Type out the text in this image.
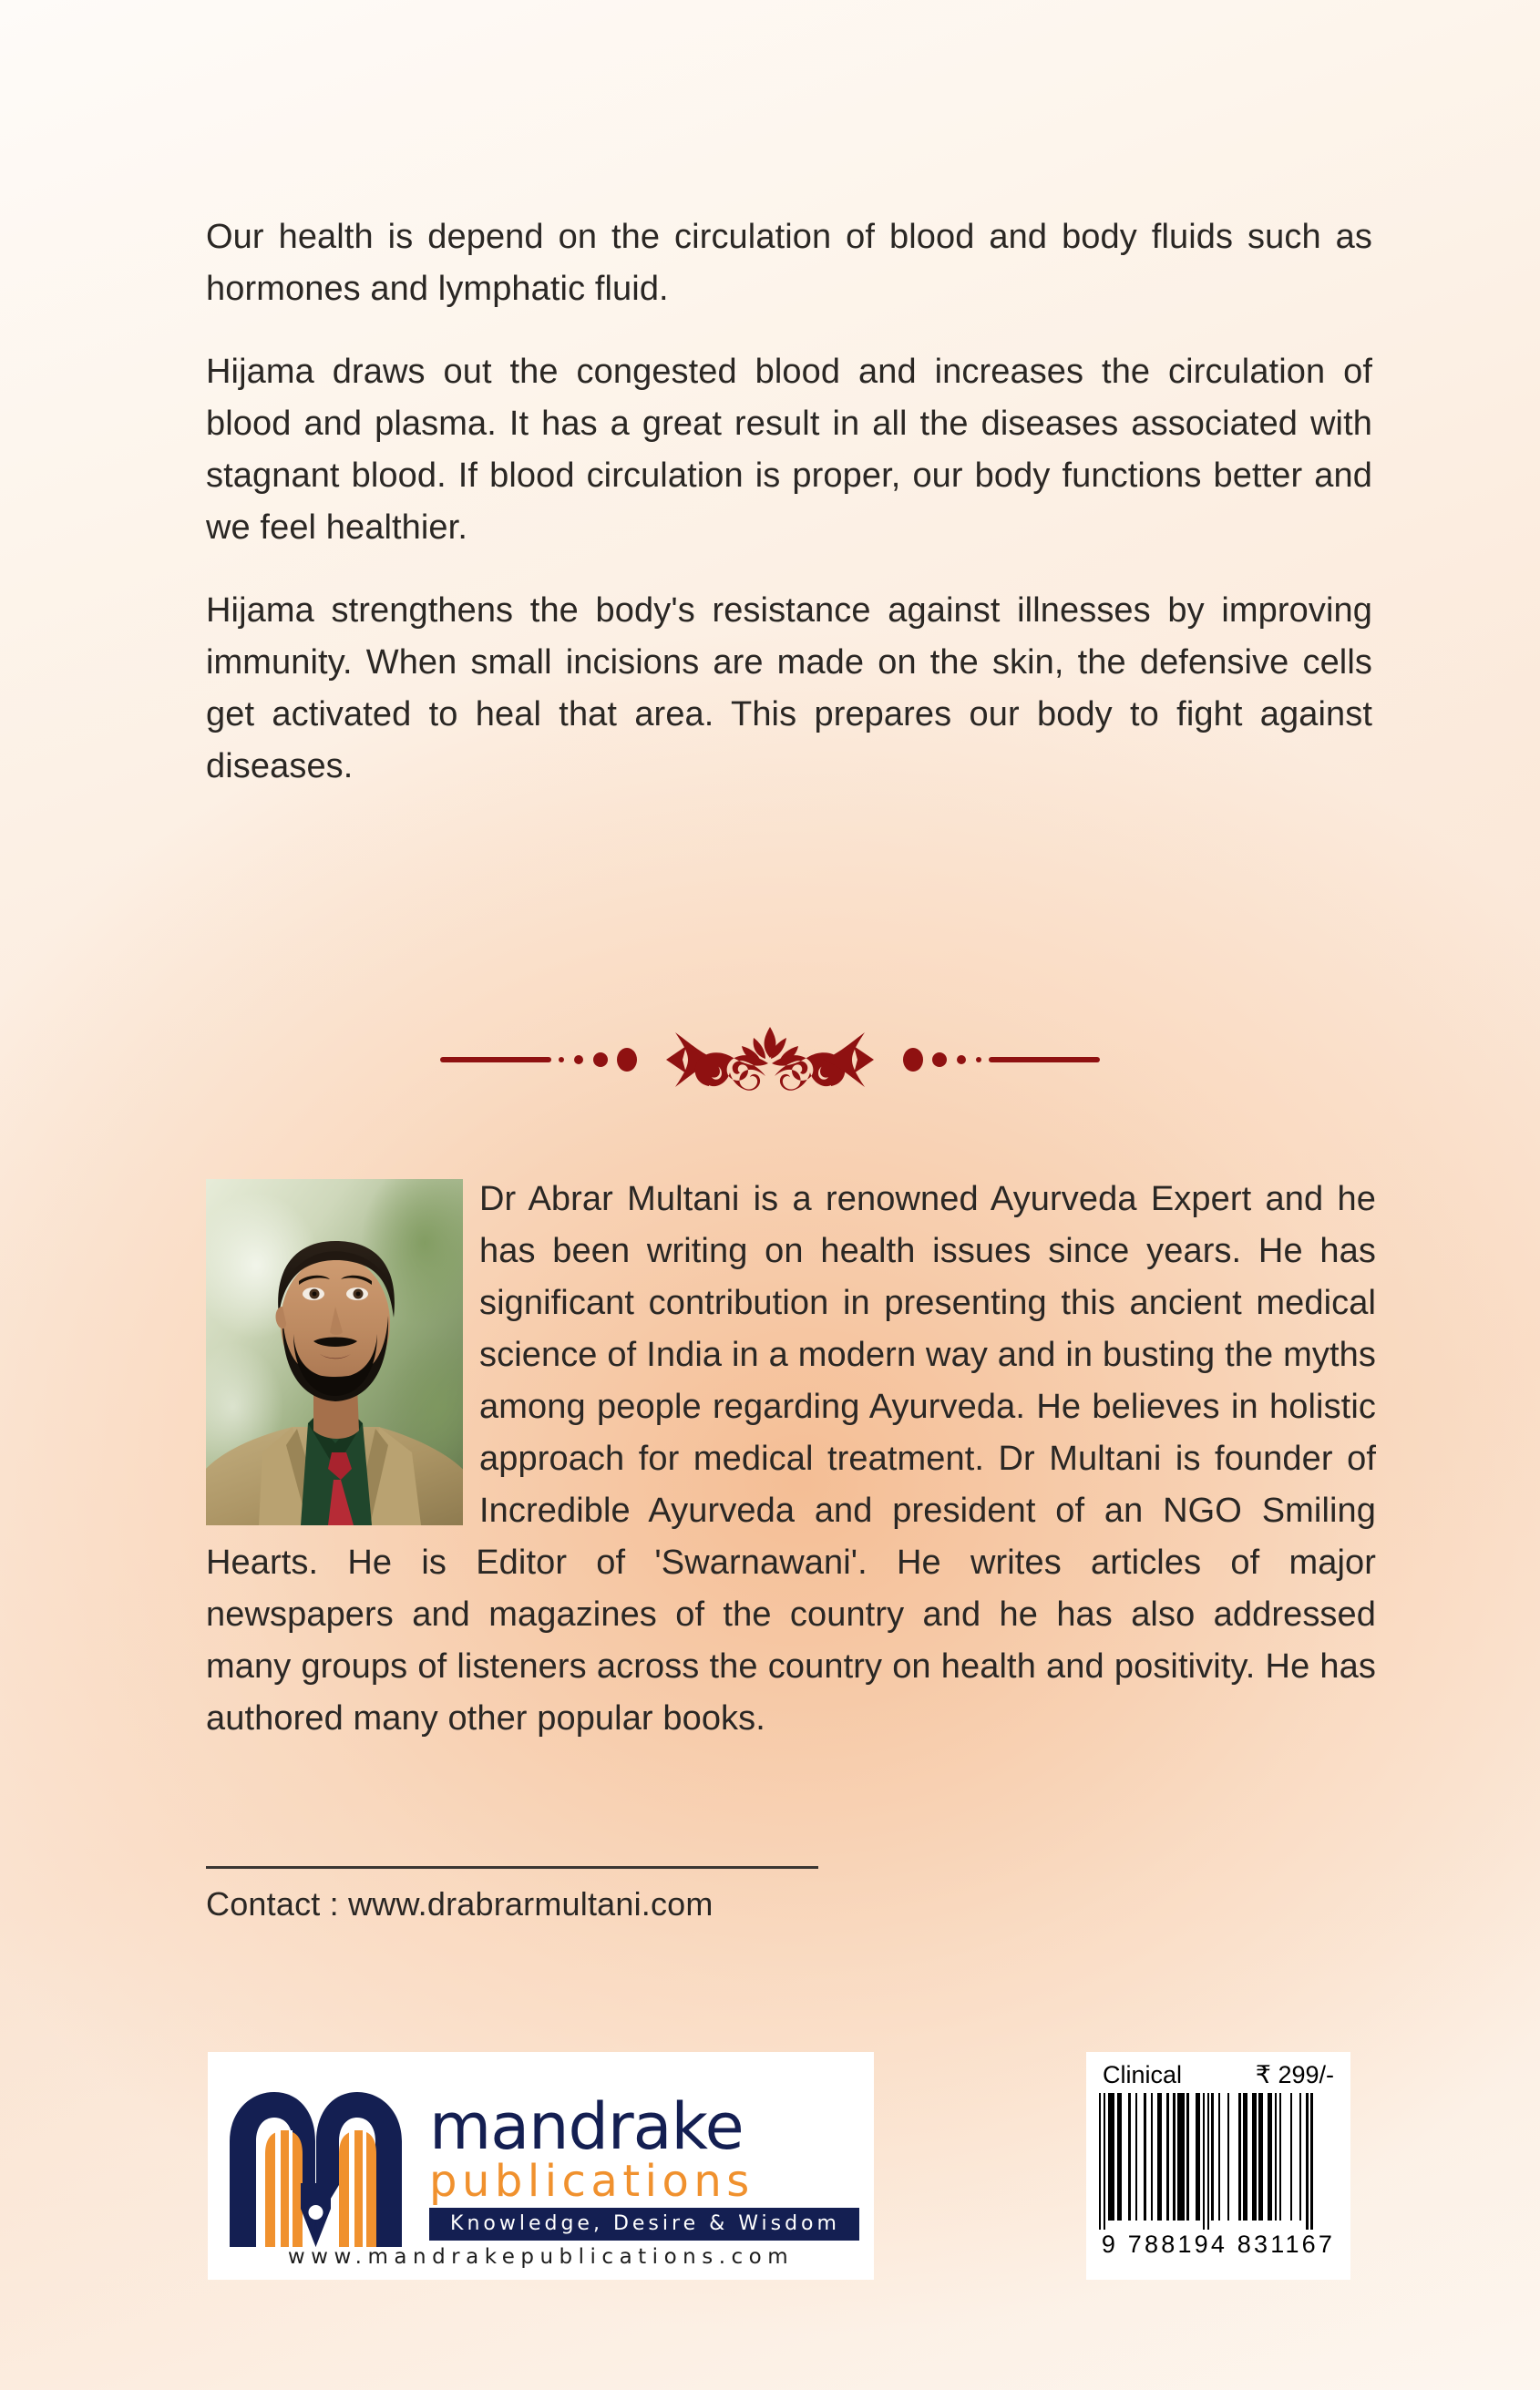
Our health is depend on the circulation of blood and body fluids such as hormones and lymphatic fluid.

Hijama draws out the congested blood and increases the circulation of blood and plasma. It has a great result in all the diseases associated with stagnant blood. If blood circulation is proper, our body functions better and we feel healthier.

Hijama strengthens the body's resistance against illnesses by improving immunity. When small incisions are made on the skin, the defensive cells get activated to heal that area. This prepares our body to fight against diseases.

Dr Abrar Multani is a renowned Ayurveda Expert and he has been writing on health issues since years. He has significant contribution in presenting this ancient medical science of India in a modern way and in busting the myths among people regarding Ayurveda. He believes in holistic approach for medical treatment. Dr Multani is founder of Incredible Ayurveda and president of an NGO Smiling Hearts. He is Editor of 'Swarnawani'. He writes articles of major newspapers and magazines of the country and he has also addressed many groups of listeners across the country on health and positivity. He has authored many other popular books.
Contact : www.drabrarmultani.com
mandrake
publications
Knowledge, Desire & Wisdom
www.mandrakepublications.com
Clinical	₹ 299/-
9 788194 831167
